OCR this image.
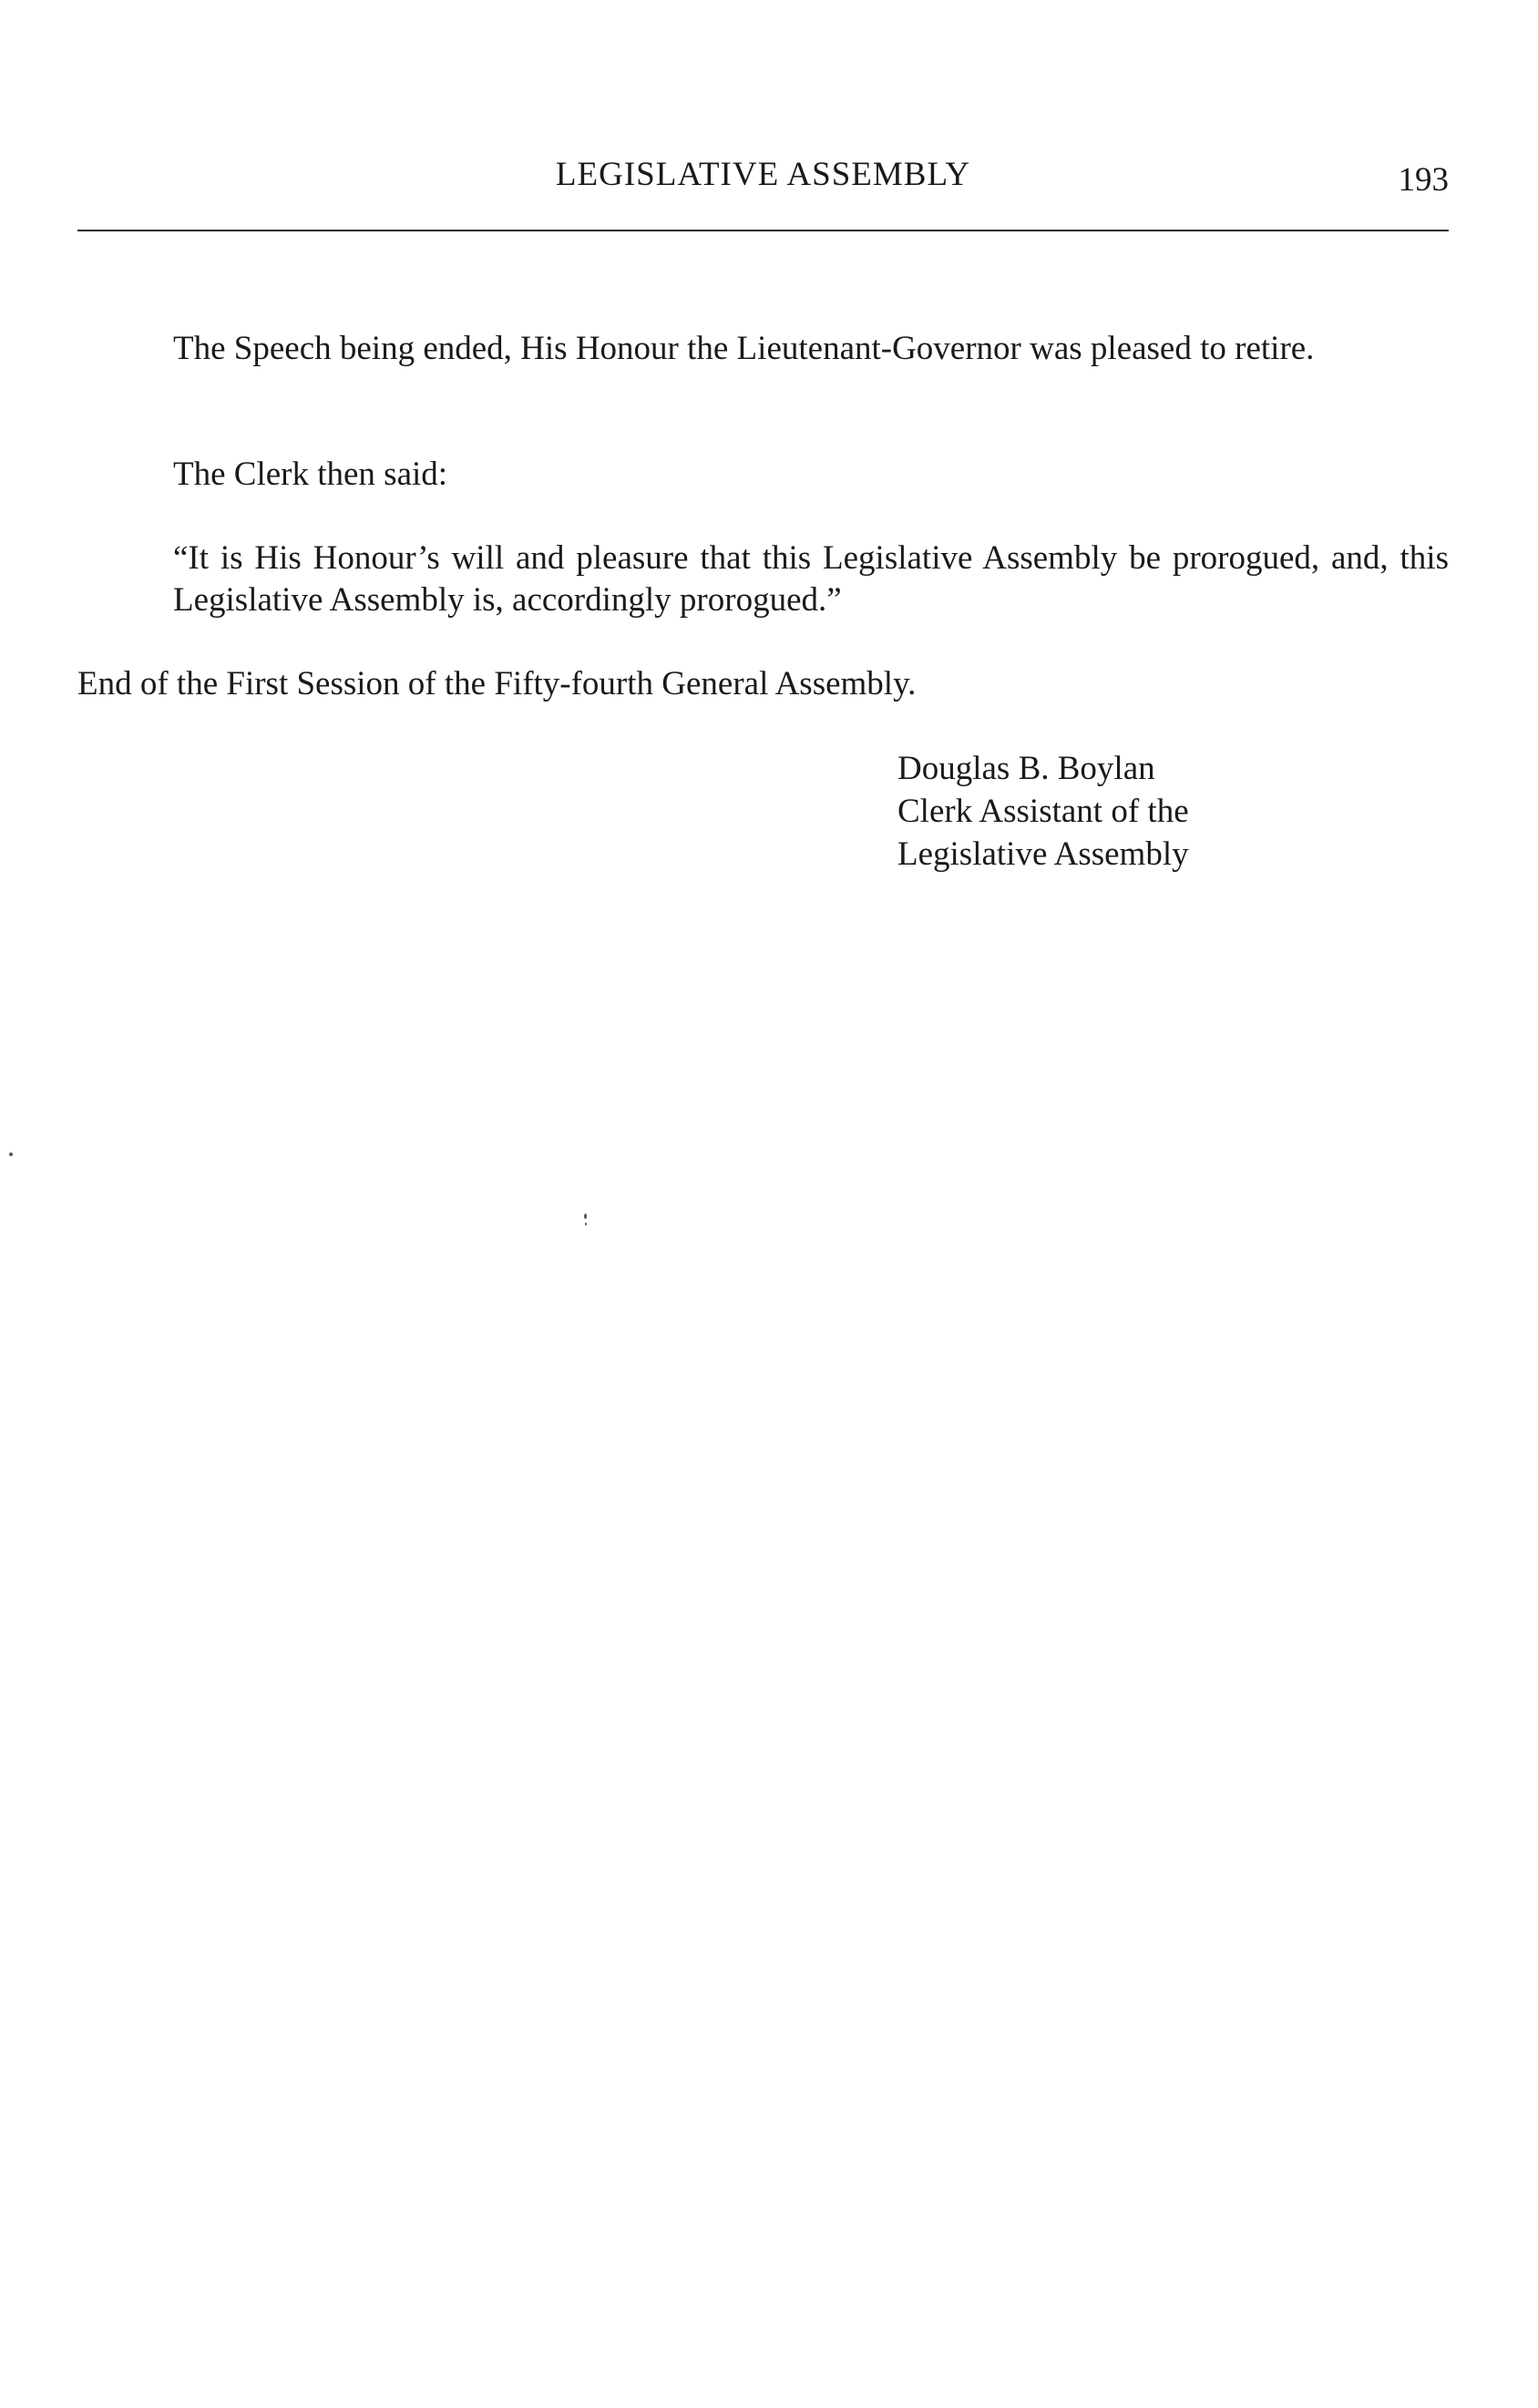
LEGISLATIVE ASSEMBLY	193

The Speech being ended, His Honour the Lieutenant-Governor was pleased to retire.

The Clerk then said:

“It is His Honour’s will and pleasure that this Legislative Assembly be prorogued, and, this Legislative Assembly is, accordingly prorogued.”

End of the First Session of the Fifty-fourth General Assembly.

Douglas B. Boylan
Clerk Assistant of the
Legislative Assembly
